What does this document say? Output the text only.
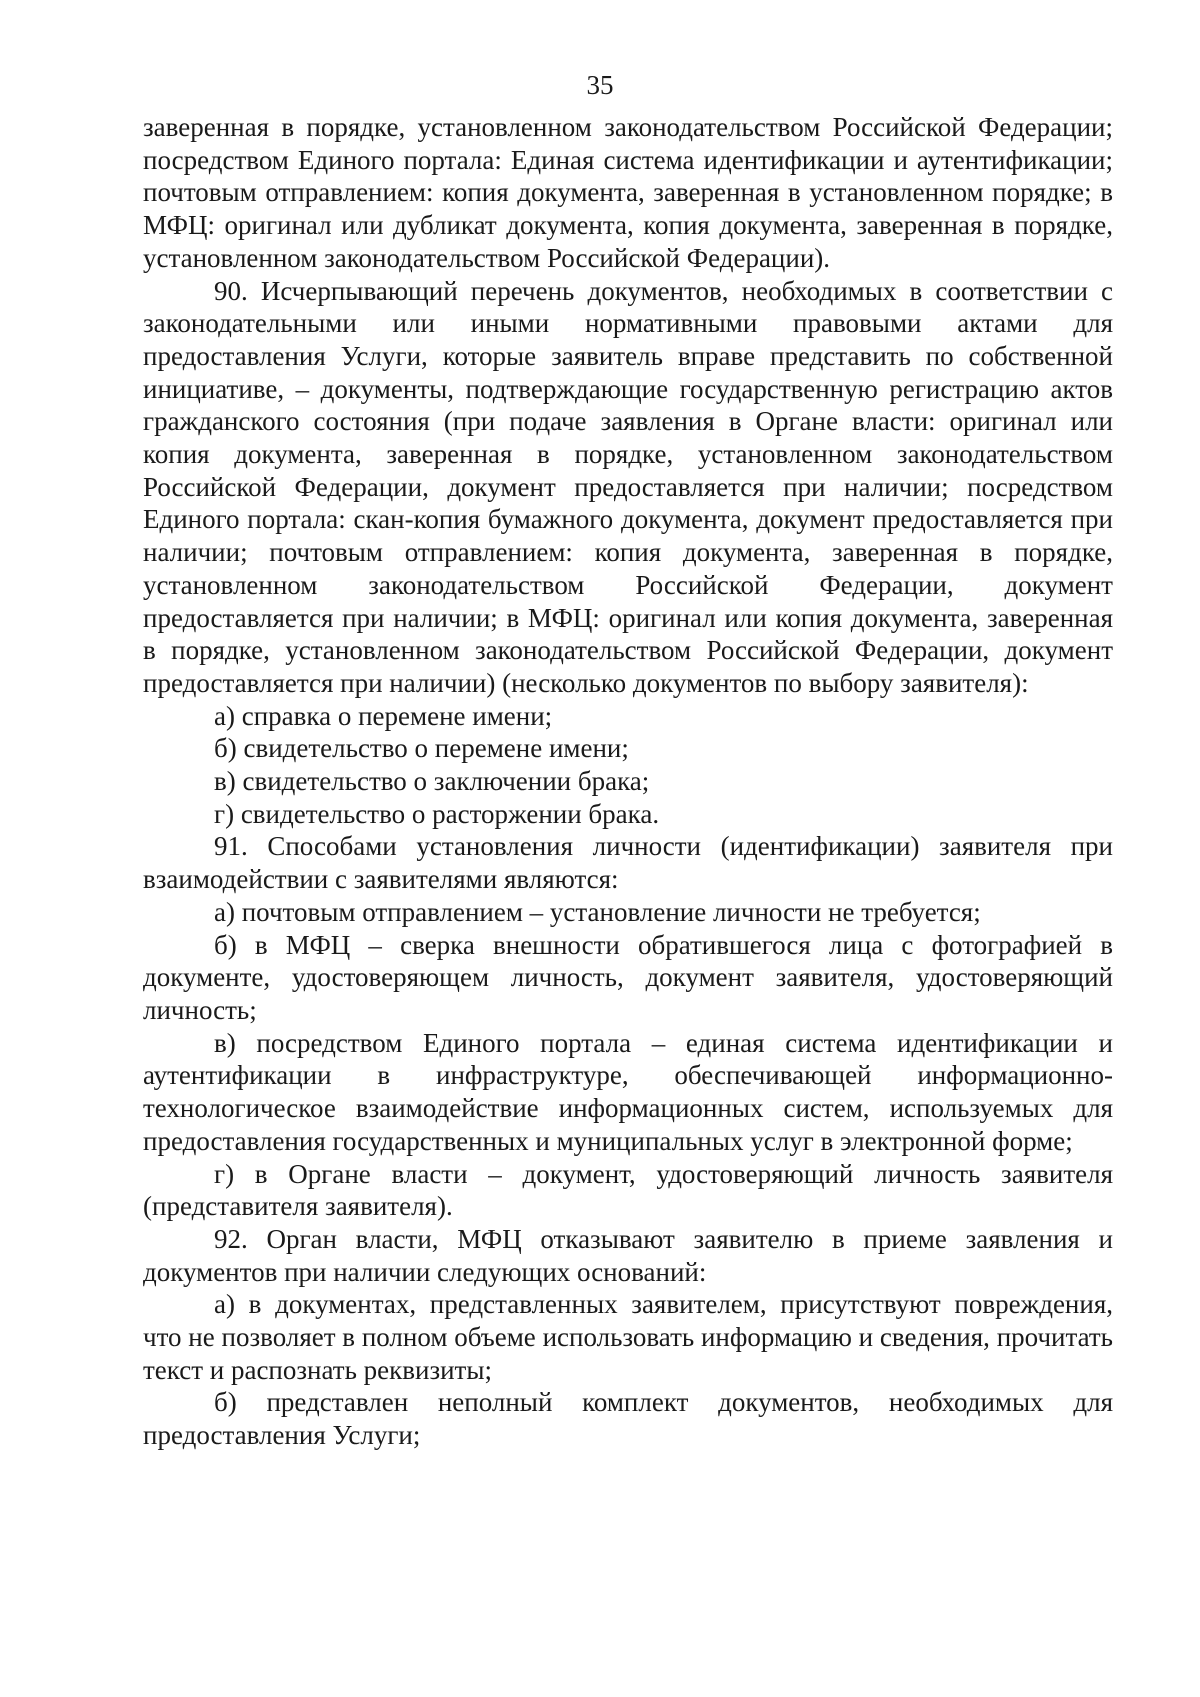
35

заверенная в порядке, установленном законодательством Российской Федерации; посредством Единого портала: Единая система идентификации и аутентификации; почтовым отправлением: копия документа, заверенная в установленном порядке; в МФЦ: оригинал или дубликат документа, копия документа, заверенная в порядке, установленном законодательством Российской Федерации).

90. Исчерпывающий перечень документов, необходимых в соответствии с законодательными или иными нормативными правовыми актами для предоставления Услуги, которые заявитель вправе представить по собственной инициативе, – документы, подтверждающие государственную регистрацию актов гражданского состояния (при подаче заявления в Органе власти: оригинал или копия документа, заверенная в порядке, установленном законодательством Российской Федерации, документ предоставляется при наличии; посредством Единого портала: скан-копия бумажного документа, документ предоставляется при наличии; почтовым отправлением: копия документа, заверенная в порядке, установленном законодательством Российской Федерации, документ предоставляется при наличии; в МФЦ: оригинал или копия документа, заверенная в порядке, установленном законодательством Российской Федерации, документ предоставляется при наличии) (несколько документов по выбору заявителя):

а) справка о перемене имени;

б) свидетельство о перемене имени;

в) свидетельство о заключении брака;

г) свидетельство о расторжении брака.

91. Способами установления личности (идентификации) заявителя при взаимодействии с заявителями являются:

а) почтовым отправлением – установление личности не требуется;

б) в МФЦ – сверка внешности обратившегося лица с фотографией в документе, удостоверяющем личность, документ заявителя, удостоверяющий личность;

в) посредством Единого портала – единая система идентификации и аутентификации в инфраструктуре, обеспечивающей информационно-технологическое взаимодействие информационных систем, используемых для предоставления государственных и муниципальных услуг в электронной форме;

г) в Органе власти – документ, удостоверяющий личность заявителя (представителя заявителя).

92. Орган власти, МФЦ отказывают заявителю в приеме заявления и документов при наличии следующих оснований:

а) в документах, представленных заявителем, присутствуют повреждения, что не позволяет в полном объеме использовать информацию и сведения, прочитать текст и распознать реквизиты;

б) представлен неполный комплект документов, необходимых для предоставления Услуги;
